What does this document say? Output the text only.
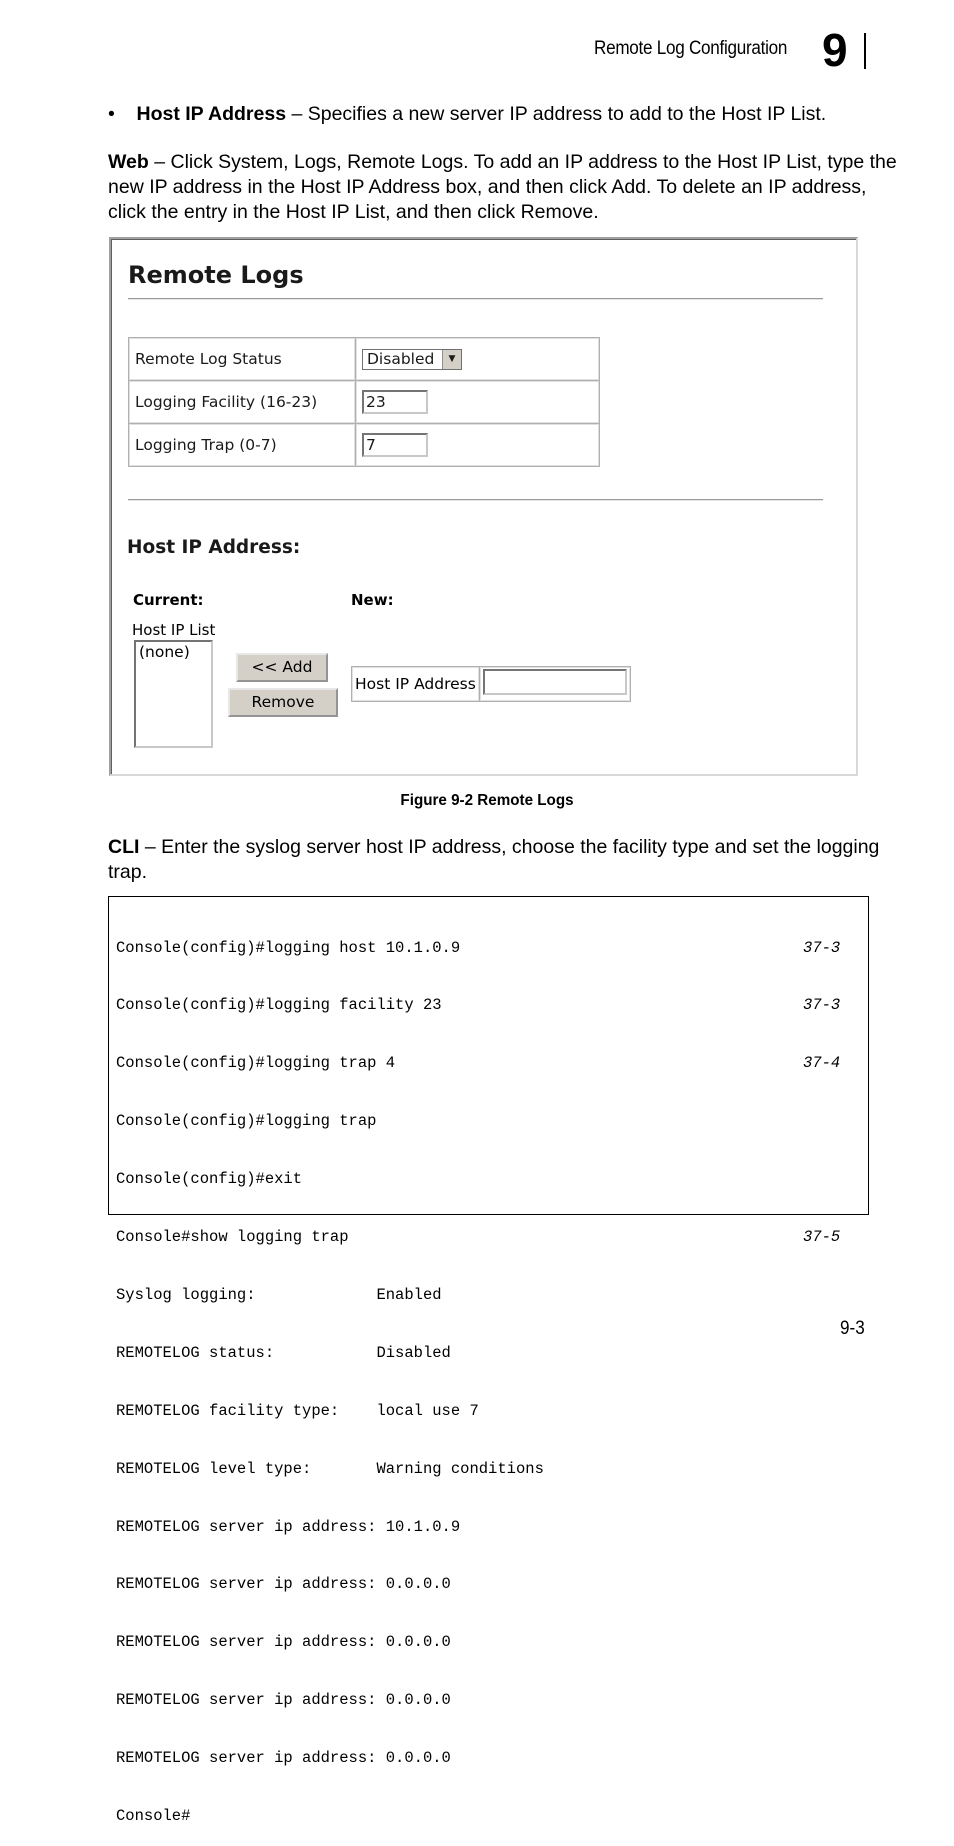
Remote Log Configuration 9
•    Host IP Address – Specifies a new server IP address to add to the Host IP List.
Web – Click System, Logs, Remote Logs. To add an IP address to the Host IP List, type the new IP address in the Host IP Address box, and then click Add. To delete an IP address, click the entry in the Host IP List, and then click Remove.
Remote Logs
Remote Log Status	Disabled ▼

Logging Facility (16-23)	23
Logging Trap (0-7)	7
Host IP Address:
Current:	New:
Host IP List
(none)
<< Add
Remove
Host IP Address	
Figure 9-2 Remote Logs
CLI – Enter the syslog server host IP address, choose the facility type and set the logging trap.

Console(config)#logging host 10.1.0.9	37-3

Console(config)#logging facility 23	37-3

Console(config)#logging trap 4	37-4

Console(config)#logging trap

Console(config)#exit

Console#show logging trap	37-5

Syslog logging:             Enabled

REMOTELOG status:           Disabled

REMOTELOG facility type:    local use 7

REMOTELOG level type:       Warning conditions

REMOTELOG server ip address: 10.1.0.9

REMOTELOG server ip address: 0.0.0.0

REMOTELOG server ip address: 0.0.0.0

REMOTELOG server ip address: 0.0.0.0

REMOTELOG server ip address: 0.0.0.0

Console#

9-3
